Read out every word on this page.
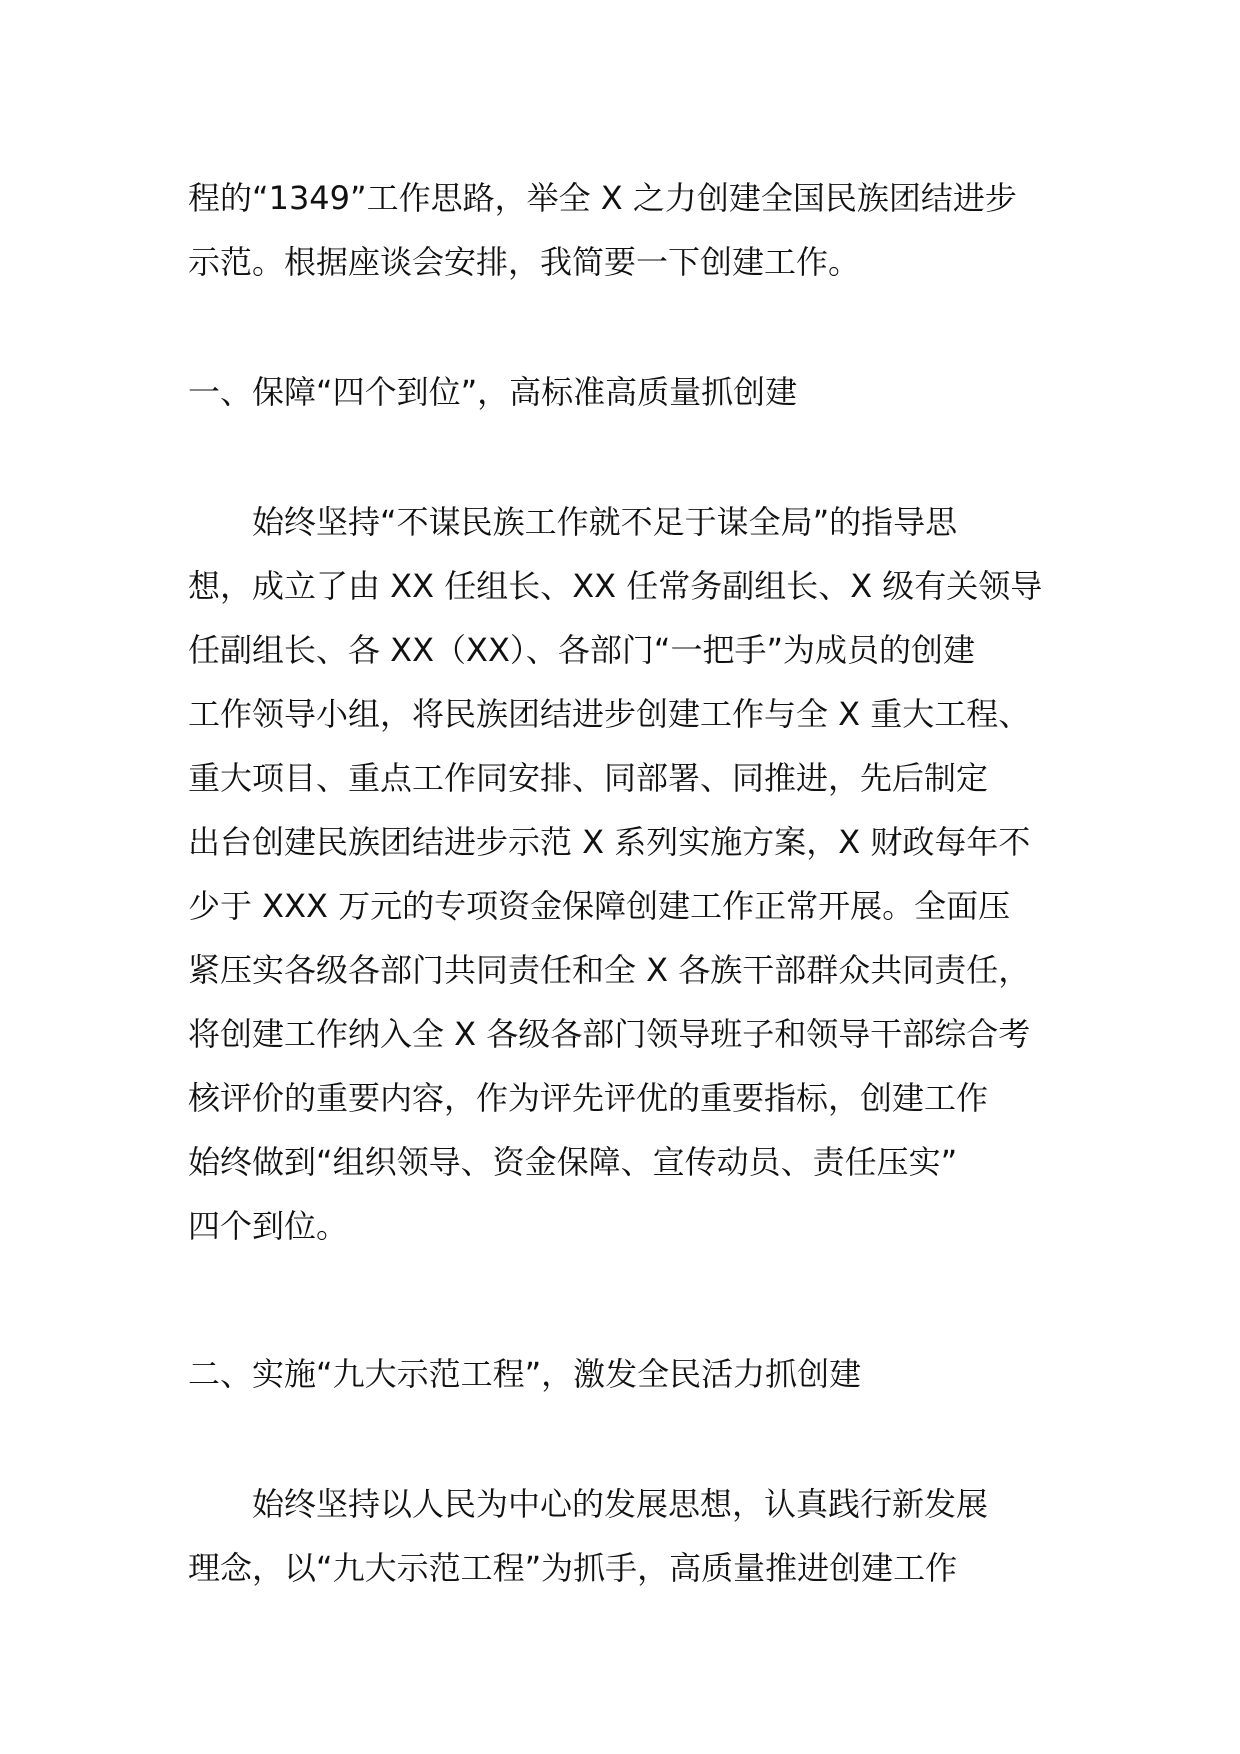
程的“1349”工作思路，举全 X 之力创建全国民族团结进步
示范。根据座谈会安排，我简要一下创建工作。
一、保障“四个到位”，高标准高质量抓创建
始终坚持“不谋民族工作就不足于谋全局”的指导思
想，成立了由 XX 任组长、XX 任常务副组长、X 级有关领导
任副组长、各 XX（XX）、各部门“一把手”为成员的创建
工作领导小组，将民族团结进步创建工作与全 X 重大工程、
重大项目、重点工作同安排、同部署、同推进，先后制定
出台创建民族团结进步示范 X 系列实施方案，X 财政每年不
少于 XXX 万元的专项资金保障创建工作正常开展。全面压
紧压实各级各部门共同责任和全 X 各族干部群众共同责任，
将创建工作纳入全 X 各级各部门领导班子和领导干部综合考
核评价的重要内容，作为评先评优的重要指标，创建工作
始终做到“组织领导、资金保障、宣传动员、责任压实”
四个到位。
二、实施“九大示范工程”，激发全民活力抓创建
始终坚持以人民为中心的发展思想，认真践行新发展
理念，以“九大示范工程”为抓手，高质量推进创建工作
